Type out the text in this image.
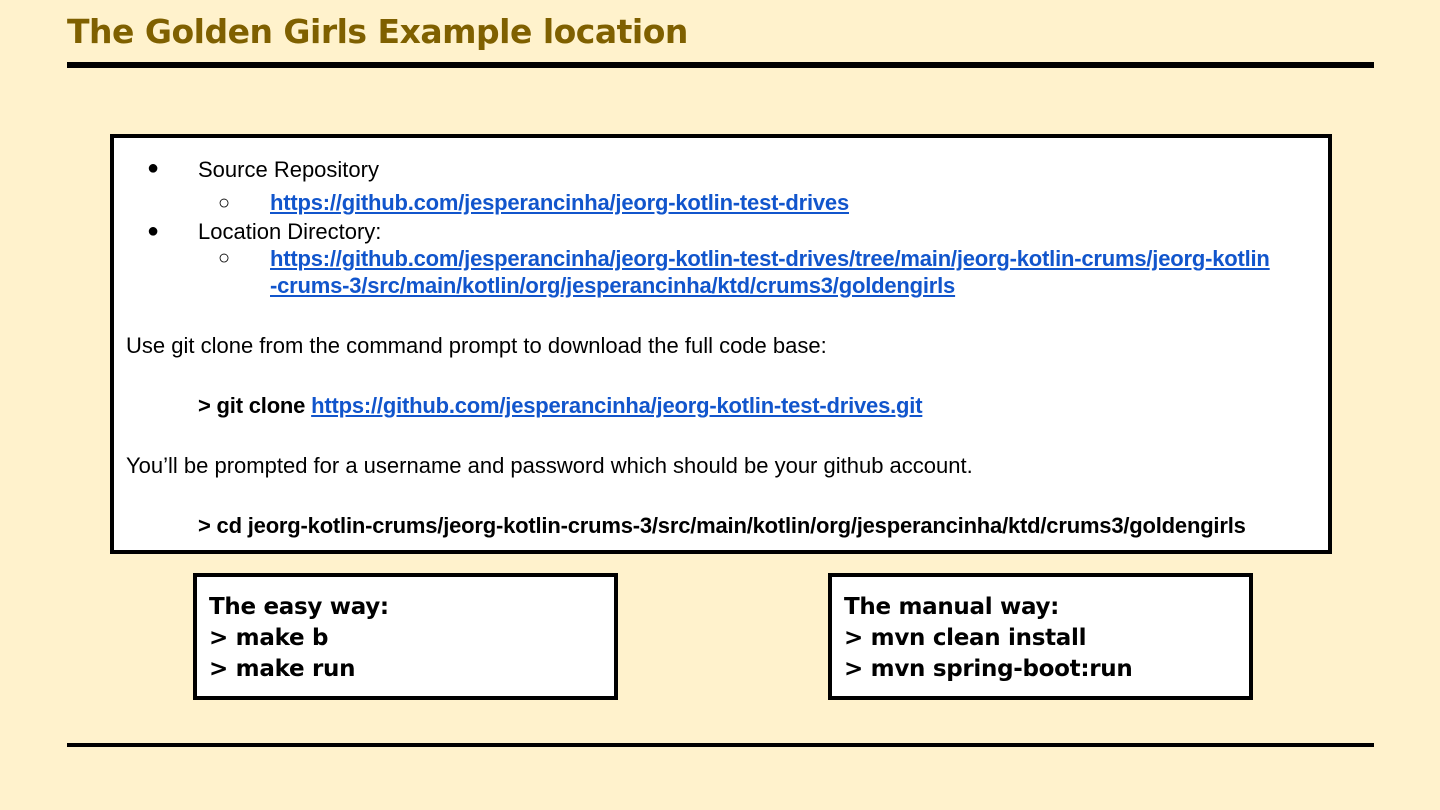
The Golden Girls Example location
● Source Repository
○ https://github.com/jesperancinha/jeorg-kotlin-test-drives
● Location Directory:
○ https://github.com/jesperancinha/jeorg-kotlin-test-drives/tree/main/jeorg-kotlin-crums/jeorg-kotlin
-crums-3/src/main/kotlin/org/jesperancinha/ktd/crums3/goldengirls
Use git clone from the command prompt to download the full code base:
> git clone https://github.com/jesperancinha/jeorg-kotlin-test-drives.git
You’ll be prompted for a username and password which should be your github account.
> cd jeorg-kotlin-crums/jeorg-kotlin-crums-3/src/main/kotlin/org/jesperancinha/ktd/crums3/goldengirls
The easy way:
> make b
> make run
The manual way:
> mvn clean install
> mvn spring-boot:run
